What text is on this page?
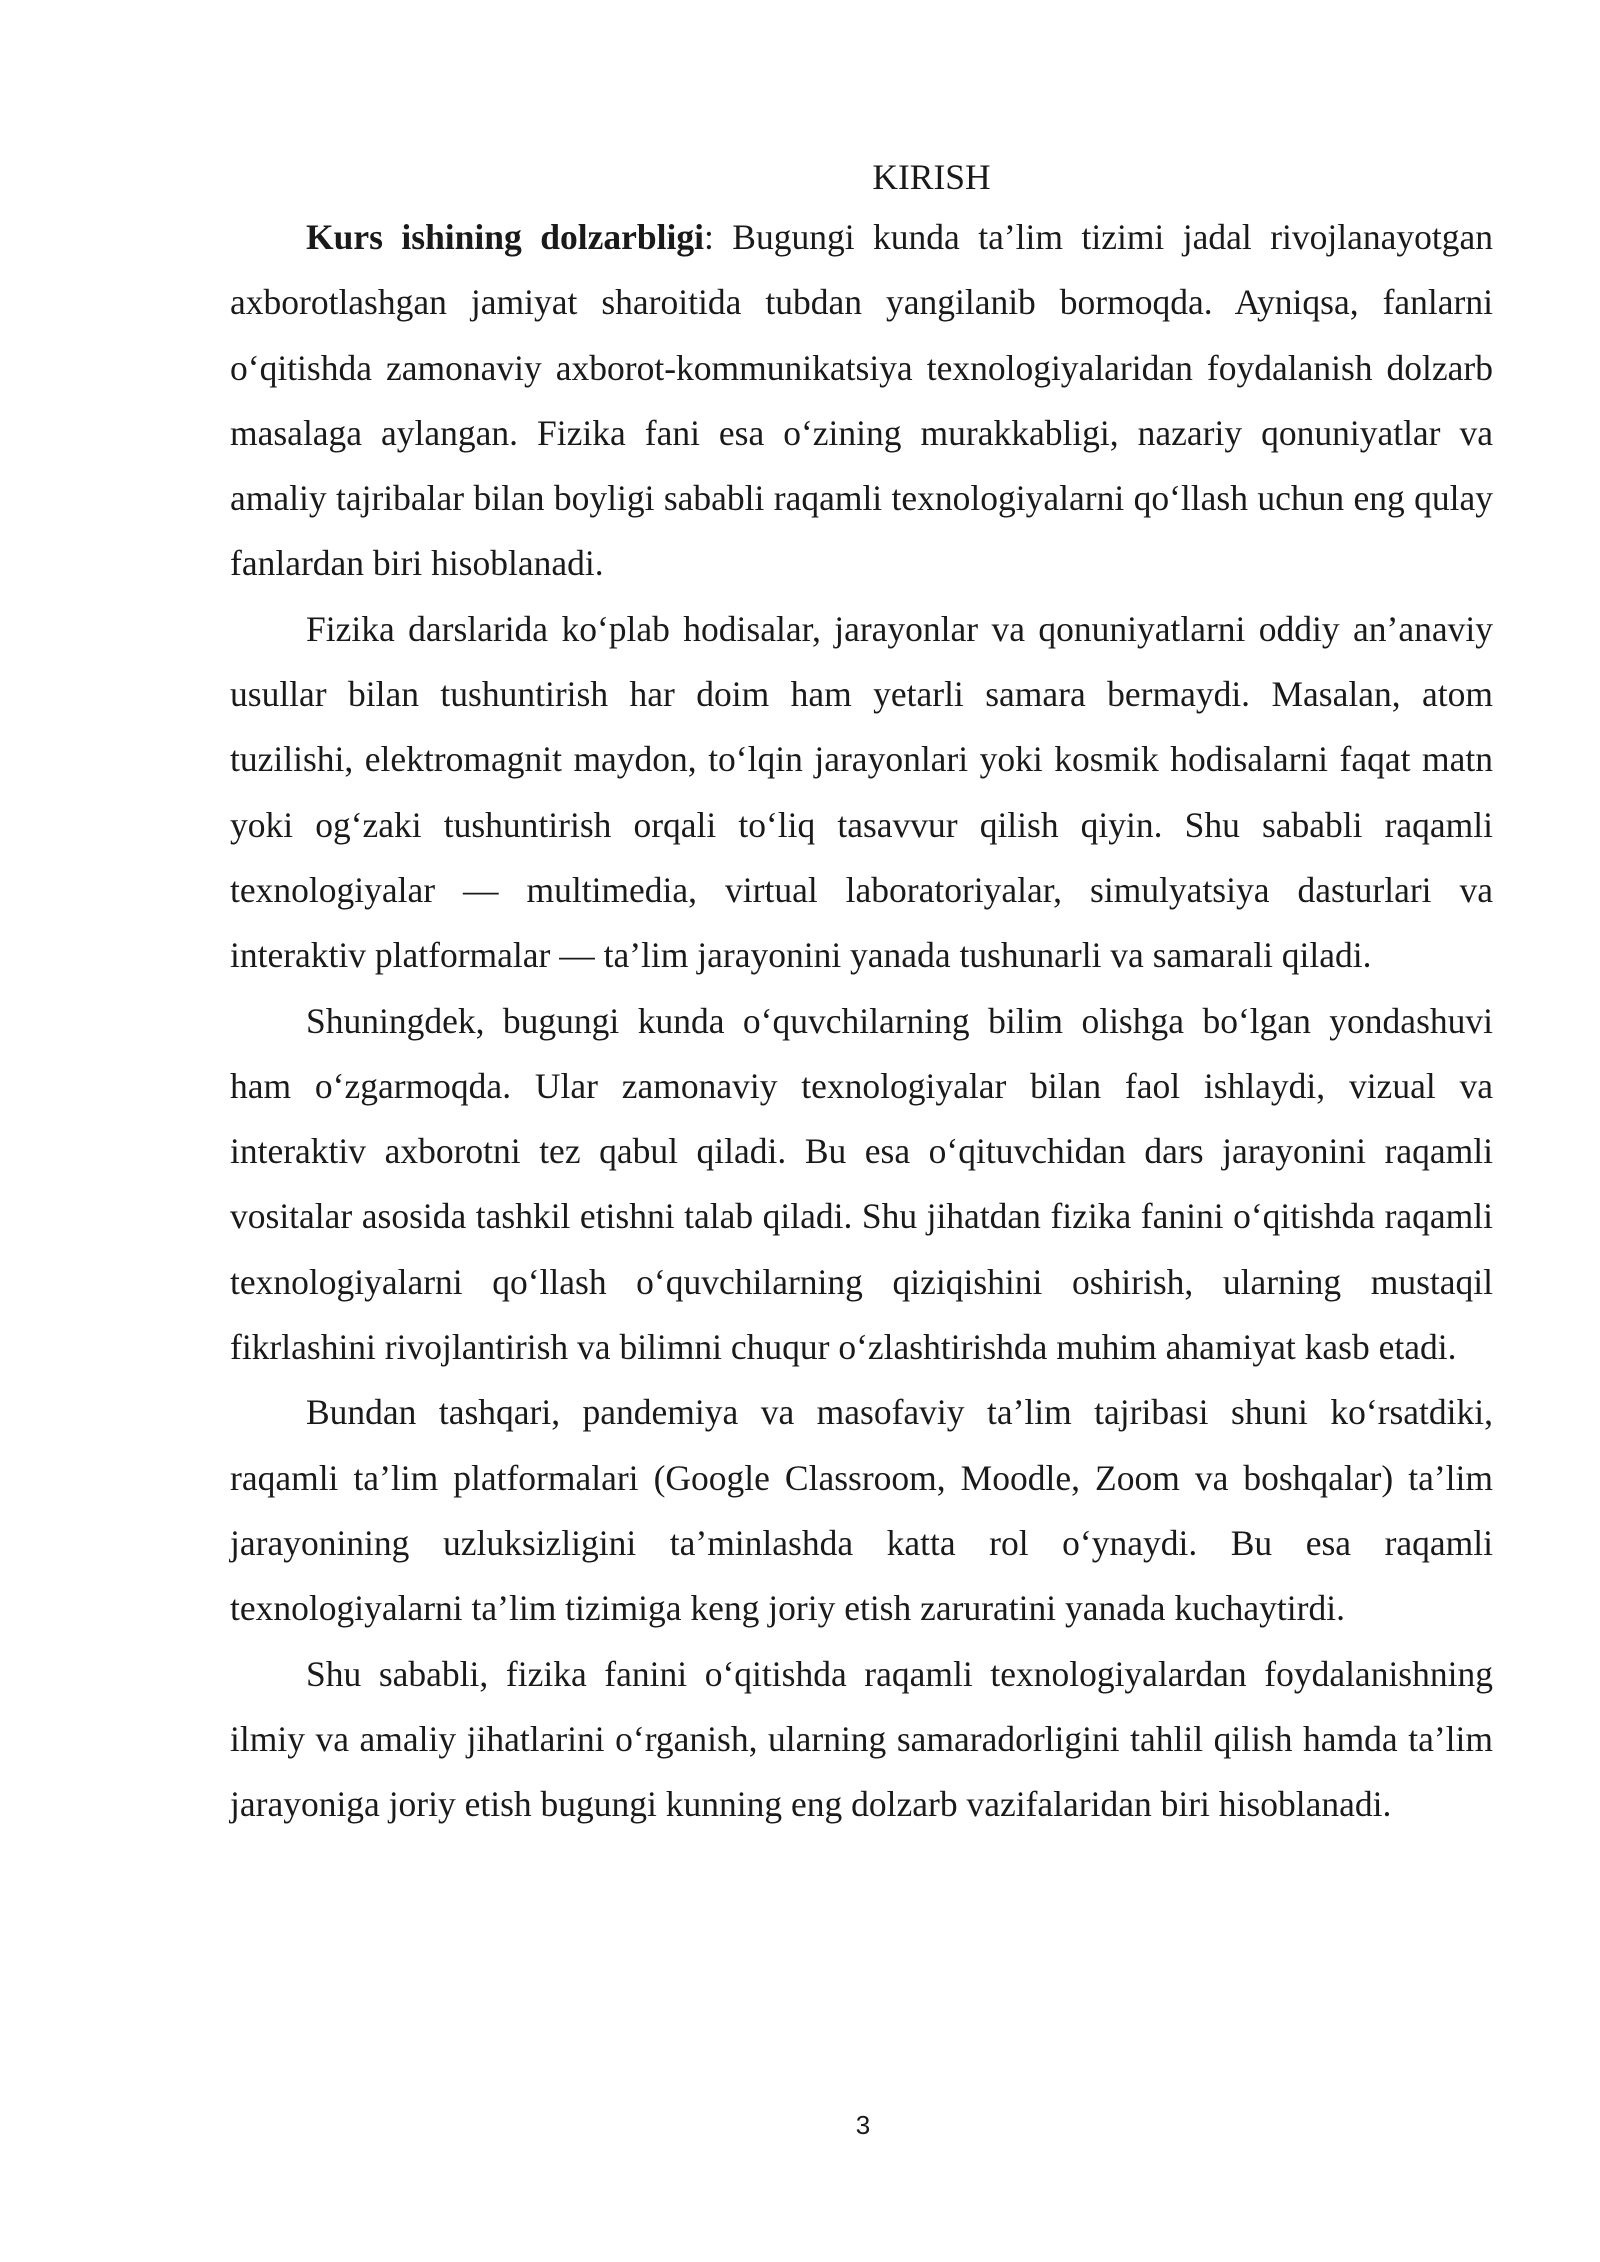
KIRISH

Kurs ishining dolzarbligi: Bugungi kunda ta’lim tizimi jadal rivojlanayotgan axborotlashgan jamiyat sharoitida tubdan yangilanib bormoqda. Ayniqsa, fanlarni o‘qitishda zamonaviy axborot-kommunikatsiya texnologiyalaridan foydalanish dolzarb masalaga aylangan. Fizika fani esa o‘zining murakkabligi, nazariy qonuniyatlar va amaliy tajribalar bilan boyligi sababli raqamli texnologiyalarni qo‘llash uchun eng qulay fanlardan biri hisoblanadi.

Fizika darslarida ko‘plab hodisalar, jarayonlar va qonuniyatlarni oddiy an’anaviy usullar bilan tushuntirish har doim ham yetarli samara bermaydi. Masalan, atom tuzilishi, elektromagnit maydon, to‘lqin jarayonlari yoki kosmik hodisalarni faqat matn yoki og‘zaki tushuntirish orqali to‘liq tasavvur qilish qiyin. Shu sababli raqamli texnologiyalar — multimedia, virtual laboratoriyalar, simulyatsiya dasturlari va interaktiv platformalar — ta’lim jarayonini yanada tushunarli va samarali qiladi.

Shuningdek, bugungi kunda o‘quvchilarning bilim olishga bo‘lgan yondashuvi ham o‘zgarmoqda. Ular zamonaviy texnologiyalar bilan faol ishlaydi, vizual va interaktiv axborotni tez qabul qiladi. Bu esa o‘qituvchidan dars jarayonini raqamli vositalar asosida tashkil etishni talab qiladi. Shu jihatdan fizika fanini o‘qitishda raqamli texnologiyalarni qo‘llash o‘quvchilarning qiziqishini oshirish, ularning mustaqil fikrlashini rivojlantirish va bilimni chuqur o‘zlashtirishda muhim ahamiyat kasb etadi.

Bundan tashqari, pandemiya va masofaviy ta’lim tajribasi shuni ko‘rsatdiki, raqamli ta’lim platformalari (Google Classroom, Moodle, Zoom va boshqalar) ta’lim jarayonining uzluksizligini ta’minlashda katta rol o‘ynaydi. Bu esa raqamli texnologiyalarni ta’lim tizimiga keng joriy etish zaruratini yanada kuchaytirdi.

Shu sababli, fizika fanini o‘qitishda raqamli texnologiyalardan foydalanishning ilmiy va amaliy jihatlarini o‘rganish, ularning samaradorligini tahlil qilish hamda ta’lim jarayoniga joriy etish bugungi kunning eng dolzarb vazifalaridan biri hisoblanadi.

3
